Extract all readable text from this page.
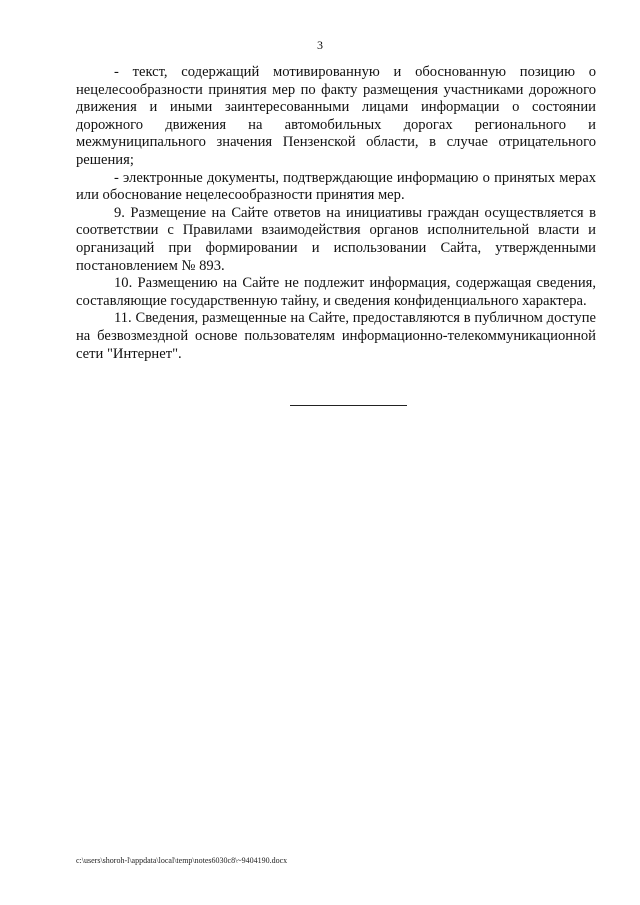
3

- текст, содержащий мотивированную и обоснованную позицию о нецелесообразности принятия мер по факту размещения участниками дорожного движения и иными заинтересованными лицами информации о состоянии дорожного движения на автомобильных дорогах регионального и межмуниципального значения Пензенской области, в случае отрицательного решения;

- электронные документы, подтверждающие информацию о принятых мерах или обоснование нецелесообразности принятия мер.

9. Размещение на Сайте ответов на инициативы граждан осуществляется в соответствии с Правилами взаимодействия органов исполнительной власти и организаций при формировании и использовании Сайта, утвержденными постановлением № 893.

10. Размещению на Сайте не подлежит информация, содержащая сведения, составляющие государственную тайну, и сведения конфиденциального характера.

11. Сведения, размещенные на Сайте, предоставляются в публичном доступе на безвозмездной основе пользователям информационно-телекоммуникационной сети "Интернет".

c:\users\shoroh-l\appdata\local\temp\notes6030c8\~9404190.docx
